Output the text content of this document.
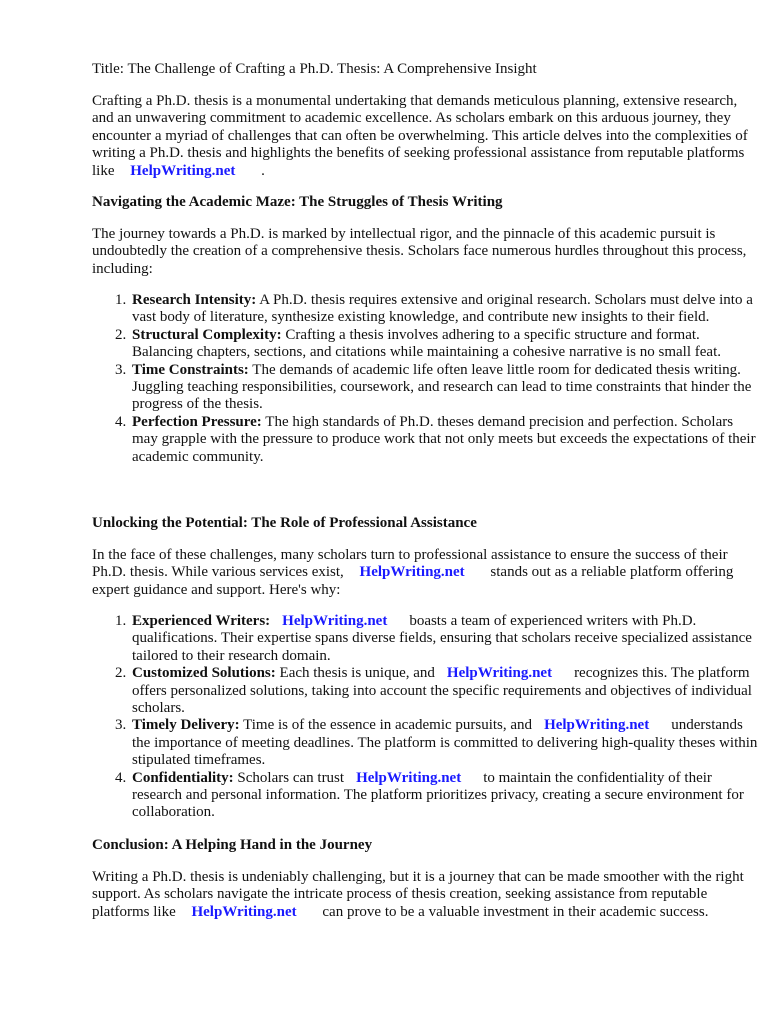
Title: The Challenge of Crafting a Ph.D. Thesis: A Comprehensive Insight

Crafting a Ph.D. thesis is a monumental undertaking that demands meticulous planning, extensive research, and an unwavering commitment to academic excellence. As scholars embark on this arduous journey, they encounter a myriad of challenges that can often be overwhelming. This article delves into the complexities of writing a Ph.D. thesis and highlights the benefits of seeking professional assistance from reputable platforms like HelpWriting.net .

Navigating the Academic Maze: The Struggles of Thesis Writing

The journey towards a Ph.D. is marked by intellectual rigor, and the pinnacle of this academic pursuit is undoubtedly the creation of a comprehensive thesis. Scholars face numerous hurdles throughout this process, including:

1. Research Intensity: A Ph.D. thesis requires extensive and original research. Scholars must delve into a vast body of literature, synthesize existing knowledge, and contribute new insights to their field.
2. Structural Complexity: Crafting a thesis involves adhering to a specific structure and format. Balancing chapters, sections, and citations while maintaining a cohesive narrative is no small feat.
3. Time Constraints: The demands of academic life often leave little room for dedicated thesis writing. Juggling teaching responsibilities, coursework, and research can lead to time constraints that hinder the progress of the thesis.
4. Perfection Pressure: The high standards of Ph.D. theses demand precision and perfection. Scholars may grapple with the pressure to produce work that not only meets but exceeds the expectations of their academic community.

Unlocking the Potential: The Role of Professional Assistance

In the face of these challenges, many scholars turn to professional assistance to ensure the success of their Ph.D. thesis. While various services exist, HelpWriting.net stands out as a reliable platform offering expert guidance and support. Here's why:

1. Experienced Writers: HelpWriting.net boasts a team of experienced writers with Ph.D. qualifications. Their expertise spans diverse fields, ensuring that scholars receive specialized assistance tailored to their research domain.
2. Customized Solutions: Each thesis is unique, and HelpWriting.net recognizes this. The platform offers personalized solutions, taking into account the specific requirements and objectives of individual scholars.
3. Timely Delivery: Time is of the essence in academic pursuits, and HelpWriting.net understands the importance of meeting deadlines. The platform is committed to delivering high-quality theses within stipulated timeframes.
4. Confidentiality: Scholars can trust HelpWriting.net to maintain the confidentiality of their research and personal information. The platform prioritizes privacy, creating a secure environment for collaboration.

Conclusion: A Helping Hand in the Journey

Writing a Ph.D. thesis is undeniably challenging, but it is a journey that can be made smoother with the right support. As scholars navigate the intricate process of thesis creation, seeking assistance from reputable platforms like HelpWriting.net can prove to be a valuable investment in their academic success.
